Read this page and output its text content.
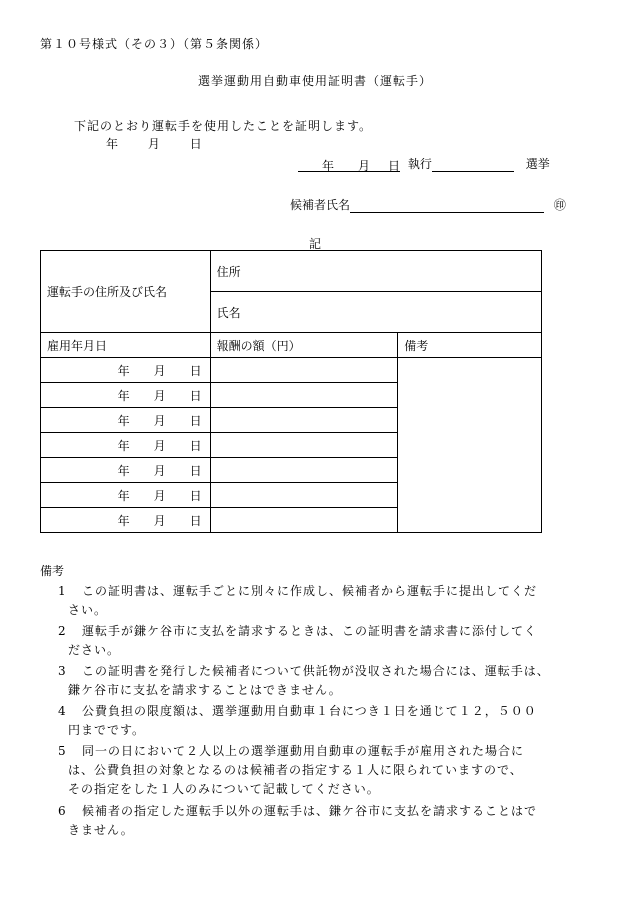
第１０号様式（その３）（第５条関係）
選挙運動用自動車使用証明書（運転手）
下記のとおり運転手を使用したことを証明します。
年 月 日
年 月 日 執行	選挙
候補者氏名	㊞
記
運転手の住所及び氏名	住所	
	氏名	
雇用年月日	報酬の額（円）	備考
年 月 日		
年 月 日		
年 月 日		
年 月 日		
年 月 日		
年 月 日		
年 月 日		
備考
1 この証明書は、運転手ごとに別々に作成し、候補者から運転手に提出してくだ
さい。
2 運転手が鎌ケ谷市に支払を請求するときは、この証明書を請求書に添付してく
ださい。
3 この証明書を発行した候補者について供託物が没収された場合には、運転手は、
鎌ケ谷市に支払を請求することはできません。
4 公費負担の限度額は、選挙運動用自動車１台につき１日を通じて１２，５００
円までです。
5 同一の日において２人以上の選挙運動用自動車の運転手が雇用された場合に
は、公費負担の対象となるのは候補者の指定する１人に限られていますので、
その指定をした１人のみについて記載してください。
6 候補者の指定した運転手以外の運転手は、鎌ケ谷市に支払を請求することはで
きません。
